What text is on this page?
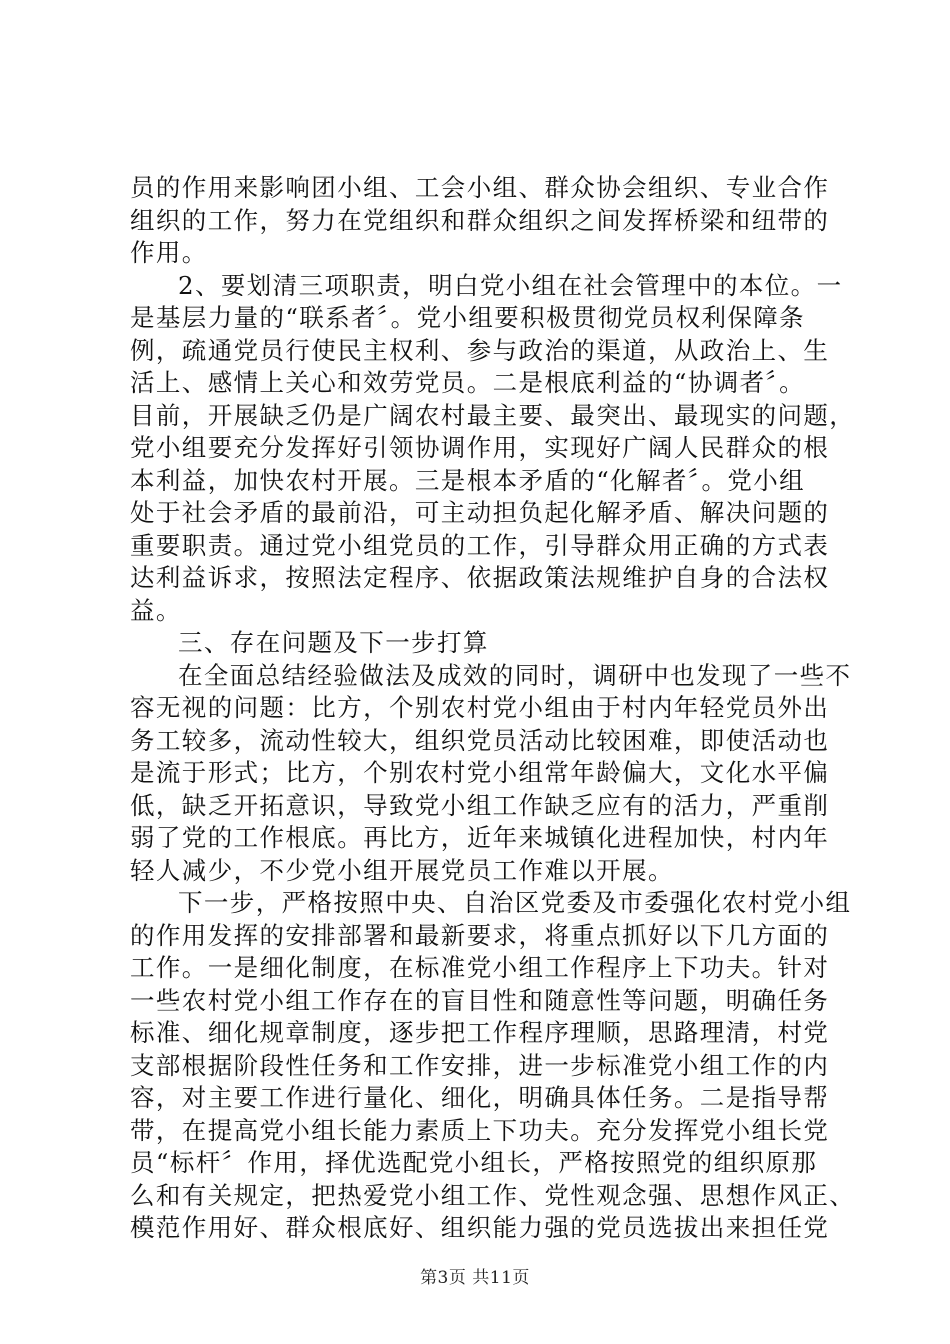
员的作用来影响团小组、工会小组、群众协会组织、专业合作
组织的工作，努力在党组织和群众组织之间发挥桥梁和纽带的
作用。
2、要划清三项职责，明白党小组在社会管理中的本位。一
是基层力量的“联系者〞。党小组要积极贯彻党员权利保障条
例，疏通党员行使民主权利、参与政治的渠道，从政治上、生
活上、感情上关心和效劳党员。二是根底利益的“协调者〞。
目前，开展缺乏仍是广阔农村最主要、最突出、最现实的问题，
党小组要充分发挥好引领协调作用，实现好广阔人民群众的根
本利益，加快农村开展。三是根本矛盾的“化解者〞。党小组
处于社会矛盾的最前沿，可主动担负起化解矛盾、解决问题的
重要职责。通过党小组党员的工作，引导群众用正确的方式表
达利益诉求，按照法定程序、依据政策法规维护自身的合法权
益。
三、存在问题及下一步打算
在全面总结经验做法及成效的同时，调研中也发现了一些不
容无视的问题：比方，个别农村党小组由于村内年轻党员外出
务工较多，流动性较大，组织党员活动比较困难，即使活动也
是流于形式；比方，个别农村党小组常年龄偏大，文化水平偏
低，缺乏开拓意识，导致党小组工作缺乏应有的活力，严重削
弱了党的工作根底。再比方，近年来城镇化进程加快，村内年
轻人减少，不少党小组开展党员工作难以开展。
下一步，严格按照中央、自治区党委及市委强化农村党小组
的作用发挥的安排部署和最新要求，将重点抓好以下几方面的
工作。一是细化制度，在标准党小组工作程序上下功夫。针对
一些农村党小组工作存在的盲目性和随意性等问题，明确任务
标准、细化规章制度，逐步把工作程序理顺，思路理清，村党
支部根据阶段性任务和工作安排，进一步标准党小组工作的内
容，对主要工作进行量化、细化，明确具体任务。二是指导帮
带，在提高党小组长能力素质上下功夫。充分发挥党小组长党
员“标杆〞作用，择优选配党小组长，严格按照党的组织原那
么和有关规定，把热爱党小组工作、党性观念强、思想作风正、
模范作用好、群众根底好、组织能力强的党员选拔出来担任党
第3页 共11页
